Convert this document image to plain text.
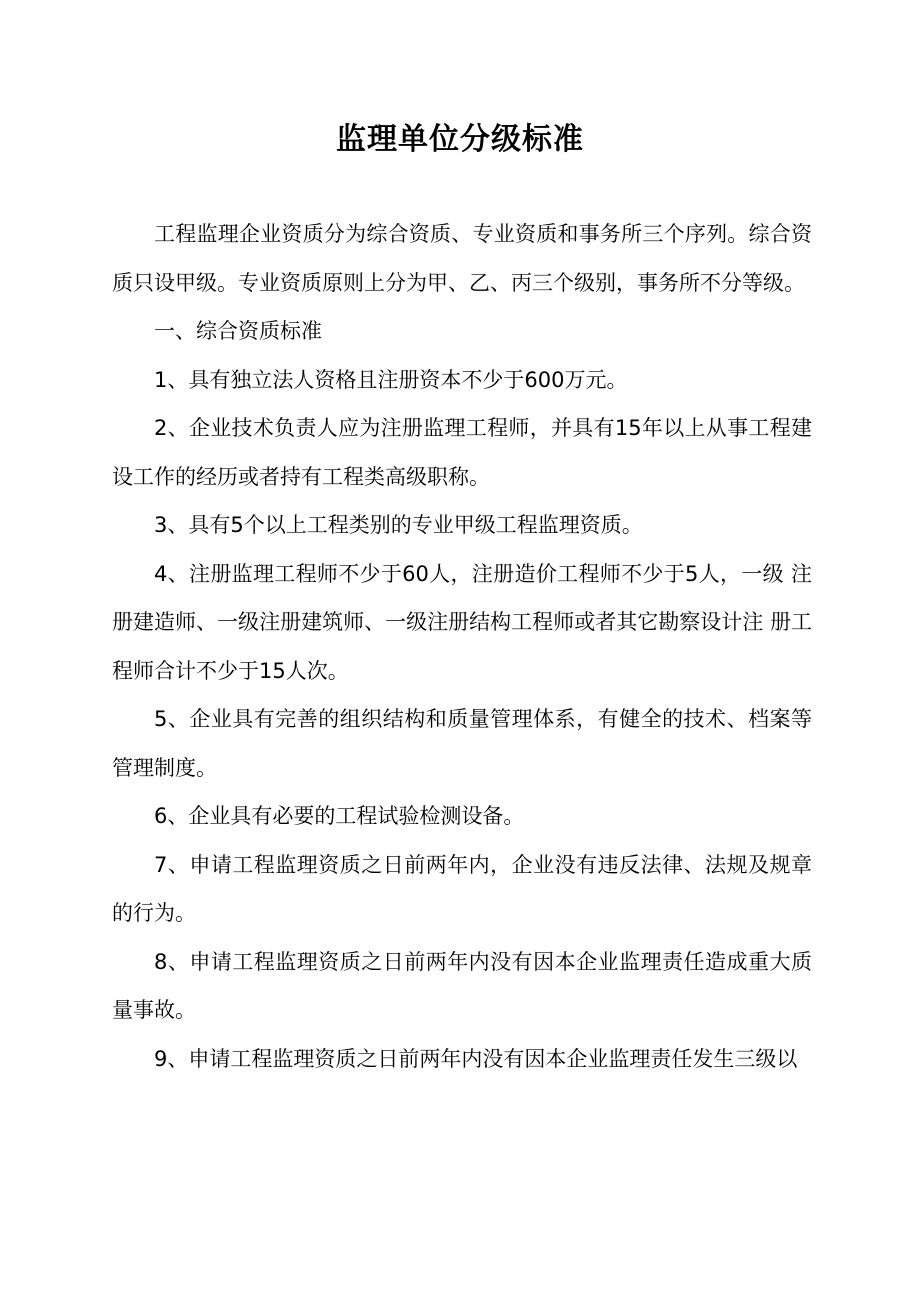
监理单位分级标准

工程监理企业资质分为综合资质、专业资质和事务所三个序列。综合资质只设甲级。专业资质原则上分为甲、乙、丙三个级别，事务所不分等级。

一、综合资质标准

1、具有独立法人资格且注册资本不少于600万元。

2、企业技术负责人应为注册监理工程师，并具有15年以上从事工程建设工作的经历或者持有工程类高级职称。

3、具有5个以上工程类别的专业甲级工程监理资质。

4、注册监理工程师不少于60人，注册造价工程师不少于5人，一级 注册建造师、一级注册建筑师、一级注册结构工程师或者其它勘察设计注 册工程师合计不少于15人次。

5、企业具有完善的组织结构和质量管理体系，有健全的技术、档案等管理制度。

6、企业具有必要的工程试验检测设备。

7、申请工程监理资质之日前两年内，企业没有违反法律、法规及规章的行为。

8、申请工程监理资质之日前两年内没有因本企业监理责任造成重大质量事故。

9、申请工程监理资质之日前两年内没有因本企业监理责任发生三级以
